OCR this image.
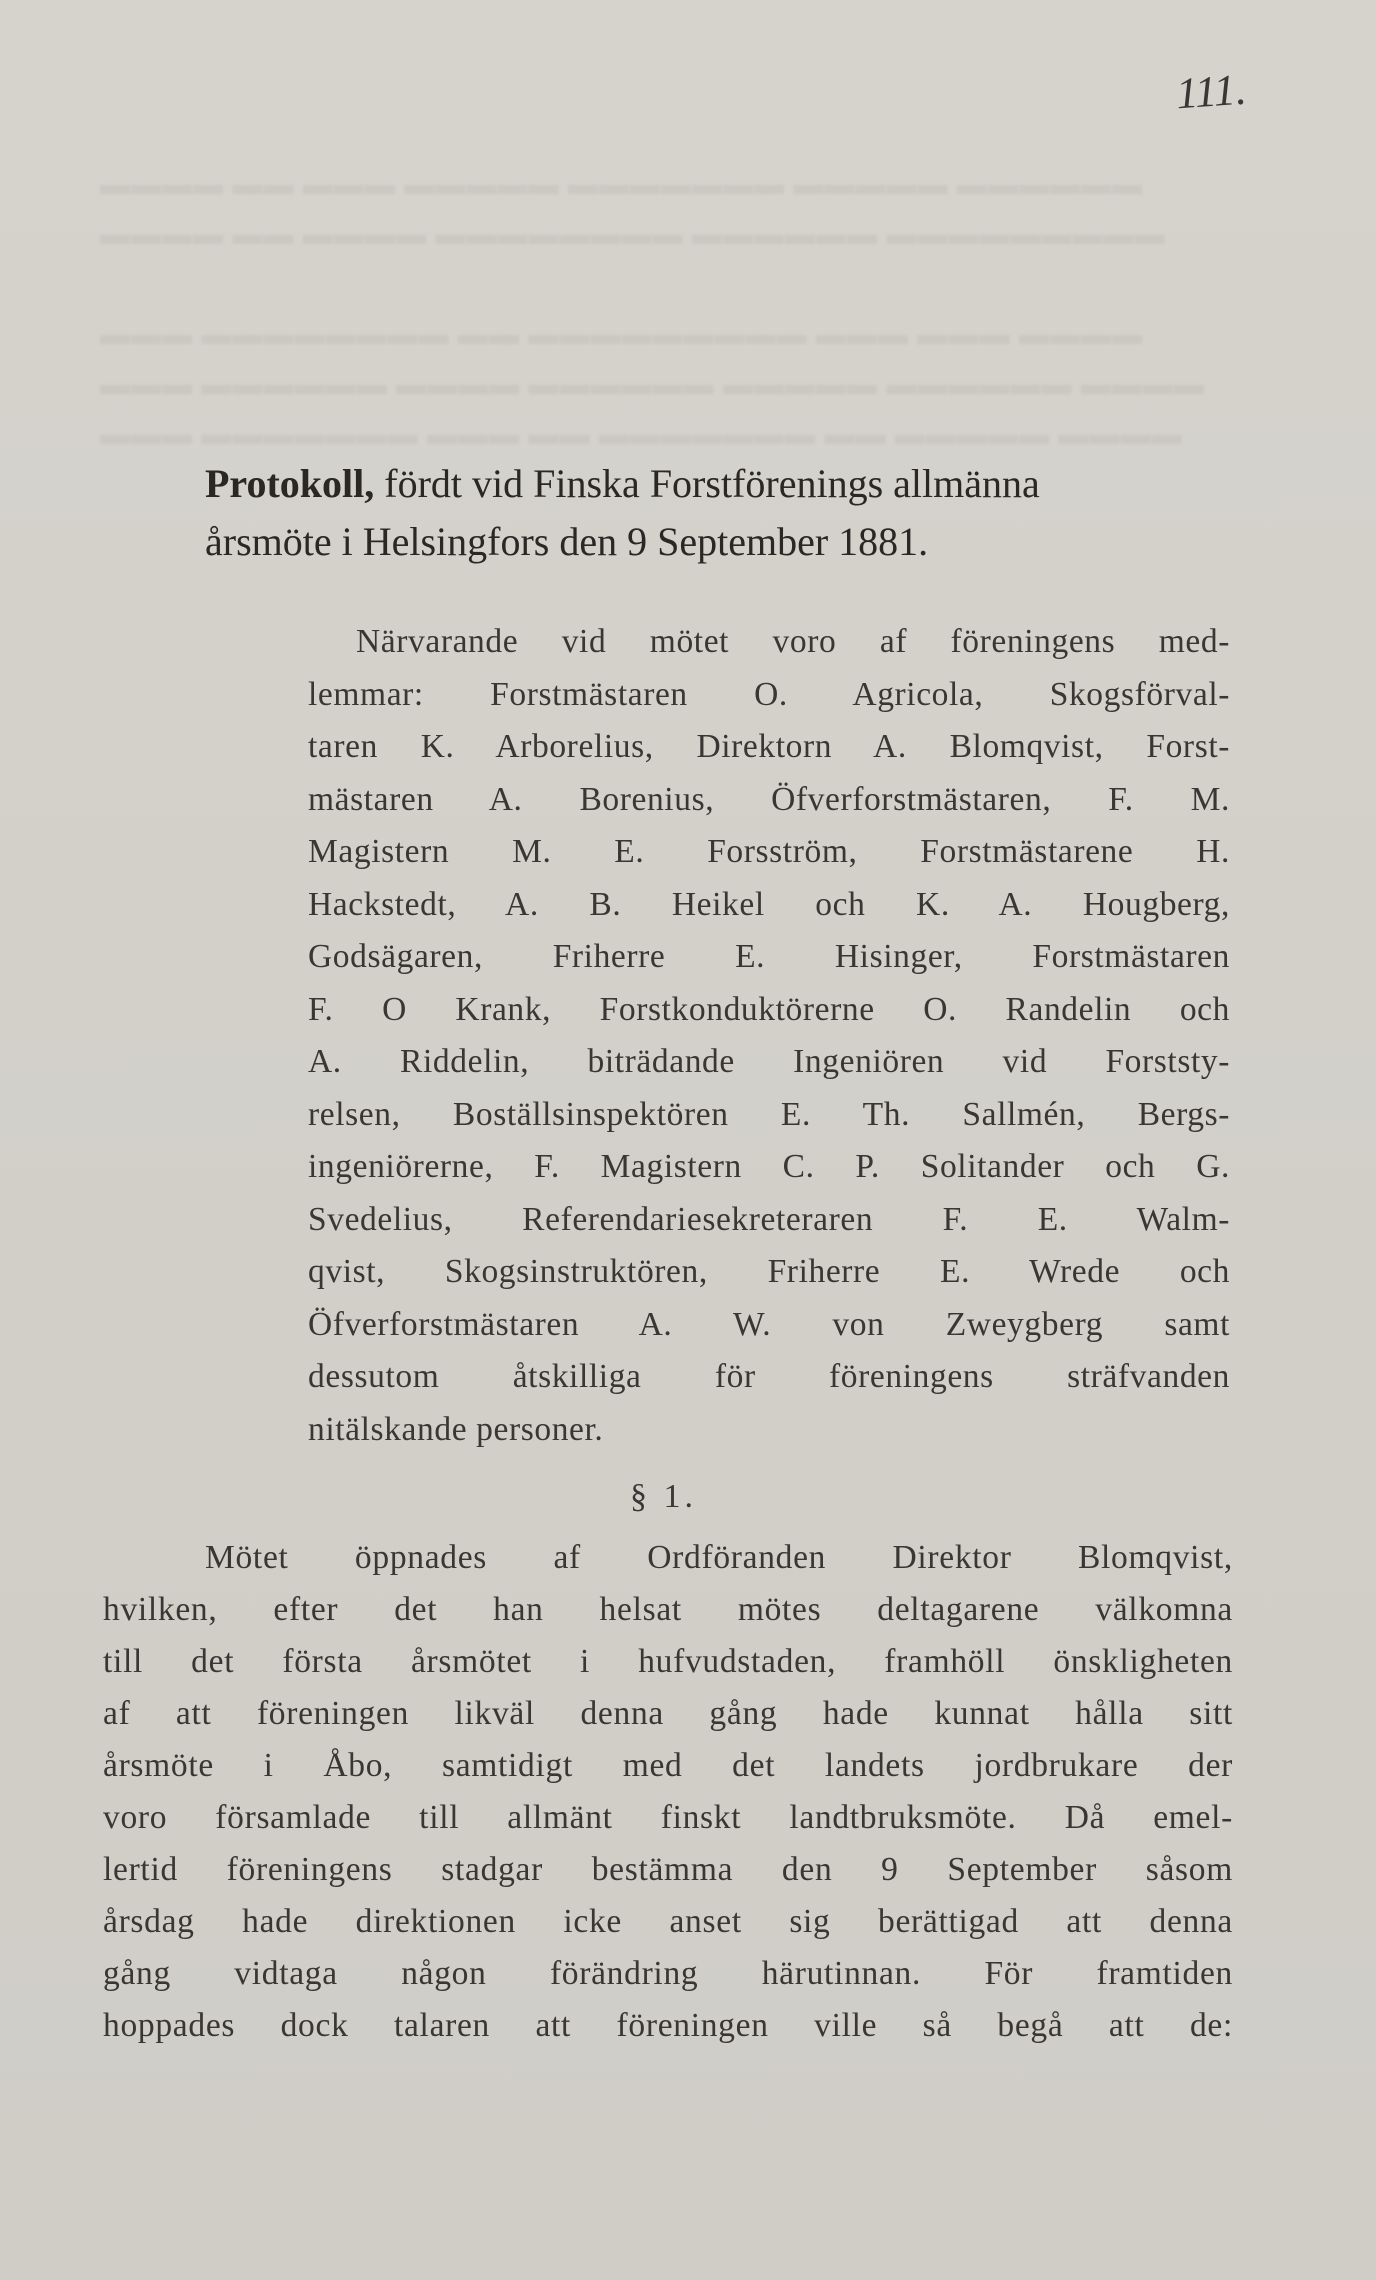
▬▬▬▬ ▬▬ ▬▬▬ ▬▬▬▬▬ ▬▬▬▬▬▬▬ ▬▬▬▬▬ ▬▬▬▬▬▬
▬▬▬▬ ▬▬ ▬▬▬▬ ▬▬▬▬▬▬▬▬ ▬▬▬▬▬▬ ▬▬▬▬▬▬▬▬▬
▬▬▬ ▬▬▬▬▬▬▬▬ ▬▬ ▬▬▬▬▬▬▬▬▬ ▬▬▬ ▬▬▬ ▬▬▬▬
▬▬▬ ▬▬▬▬▬▬ ▬▬▬▬ ▬▬▬▬▬▬ ▬▬▬▬▬ ▬▬▬▬▬▬ ▬▬▬▬
▬▬▬ ▬▬▬▬▬▬▬ ▬▬▬ ▬▬ ▬▬▬▬▬▬▬ ▬▬ ▬▬▬▬▬ ▬▬▬▬
111.
Protokoll, fördt vid Finska Forstförenings allmänna
årsmöte i Helsingfors den 9 September 1881.
Närvarande vid mötet voro af föreningens med-
lemmar: Forstmästaren O. Agricola, Skogsförval-
taren K. Arborelius, Direktorn A. Blomqvist, Forst-
mästaren A. Borenius, Öfverforstmästaren, F. M.
Magistern M. E. Forsström, Forstmästarene H.
Hackstedt, A. B. Heikel och K. A. Hougberg,
Godsägaren, Friherre E. Hisinger, Forstmästaren
F. O Krank, Forstkonduktörerne O. Randelin och
A. Riddelin, biträdande Ingeniören vid Forststy-
relsen, Boställsinspektören E. Th. Sallmén, Bergs-
ingeniörerne, F. Magistern C. P. Solitander och G.
Svedelius, Referendariesekreteraren F. E. Walm-
qvist, Skogsinstruktören, Friherre E. Wrede och
Öfverforstmästaren A. W. von Zweygberg samt
dessutom åtskilliga för föreningens sträfvanden
nitälskande personer.
§ 1.
Mötet öppnades af Ordföranden Direktor Blomqvist,
hvilken, efter det han helsat mötes deltagarene välkomna
till det första årsmötet i hufvudstaden, framhöll önskligheten
af att föreningen likväl denna gång hade kunnat hålla sitt
årsmöte i Åbo, samtidigt med det landets jordbrukare der
voro församlade till allmänt finskt landtbruksmöte. Då emel-
lertid föreningens stadgar bestämma den 9 September såsom
årsdag hade direktionen icke anset sig berättigad att denna
gång vidtaga någon förändring härutinnan. För framtiden
hoppades dock talaren att föreningen ville så begå att de:
